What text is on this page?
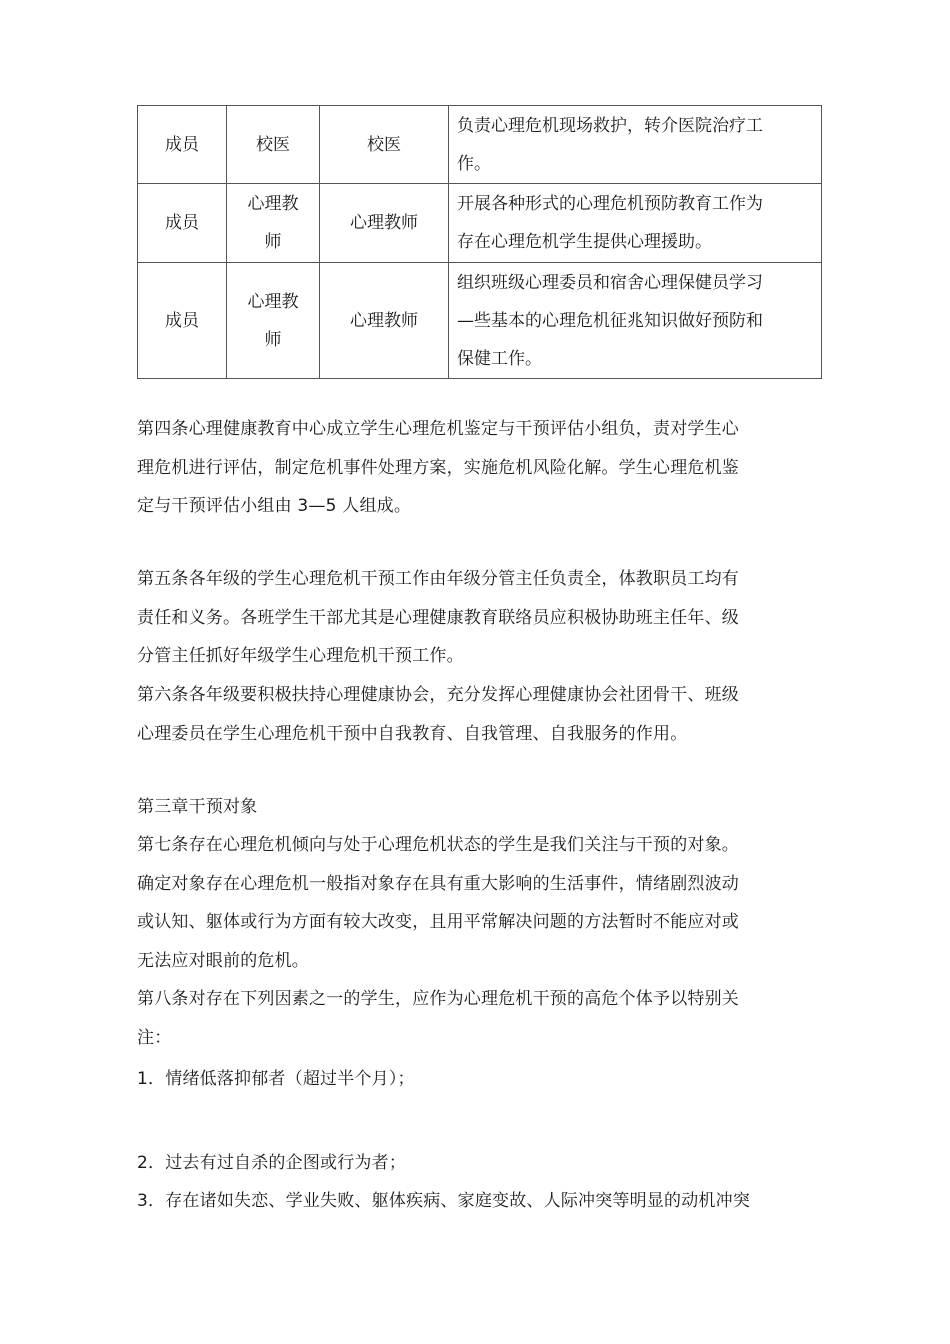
成员	校医	校医	负责心理危机现场救护，转介医院治疗工
作。

成员	心理教
师	心理教师	开展各种形式的心理危机预防教育工作为
存在心理危机学生提供心理援助。

成员	心理教
师	心理教师	组织班级心理委员和宿舍心理保健员学习
—些基本的心理危机征兆知识做好预防和
保健工作。

第四条心理健康教育中心成立学生心理危机鉴定与干预评估小组负，责对学生心
理危机进行评估，制定危机事件处理方案，实施危机风险化解。学生心理危机鉴
定与干预评估小组由 3—5 人组成。

第五条各年级的学生心理危机干预工作由年级分管主任负责全，体教职员工均有
责任和义务。各班学生干部尤其是心理健康教育联络员应积极协助班主任年、级
分管主任抓好年级学生心理危机干预工作。

第六条各年级要积极扶持心理健康协会，充分发挥心理健康协会社团骨干、班级
心理委员在学生心理危机干预中自我教育、自我管理、自我服务的作用。

第三章干预对象

第七条存在心理危机倾向与处于心理危机状态的学生是我们关注与干预的对象。
确定对象存在心理危机一般指对象存在具有重大影响的生活事件，情绪剧烈波动
或认知、躯体或行为方面有较大改变，且用平常解决问题的方法暂时不能应对或
无法应对眼前的危机。

第八条对存在下列因素之一的学生，应作为心理危机干预的高危个体予以特别关
注：

1．情绪低落抑郁者（超过半个月）；

2．过去有过自杀的企图或行为者；

3．存在诸如失恋、学业失败、躯体疾病、家庭变故、人际冲突等明显的动机冲突
